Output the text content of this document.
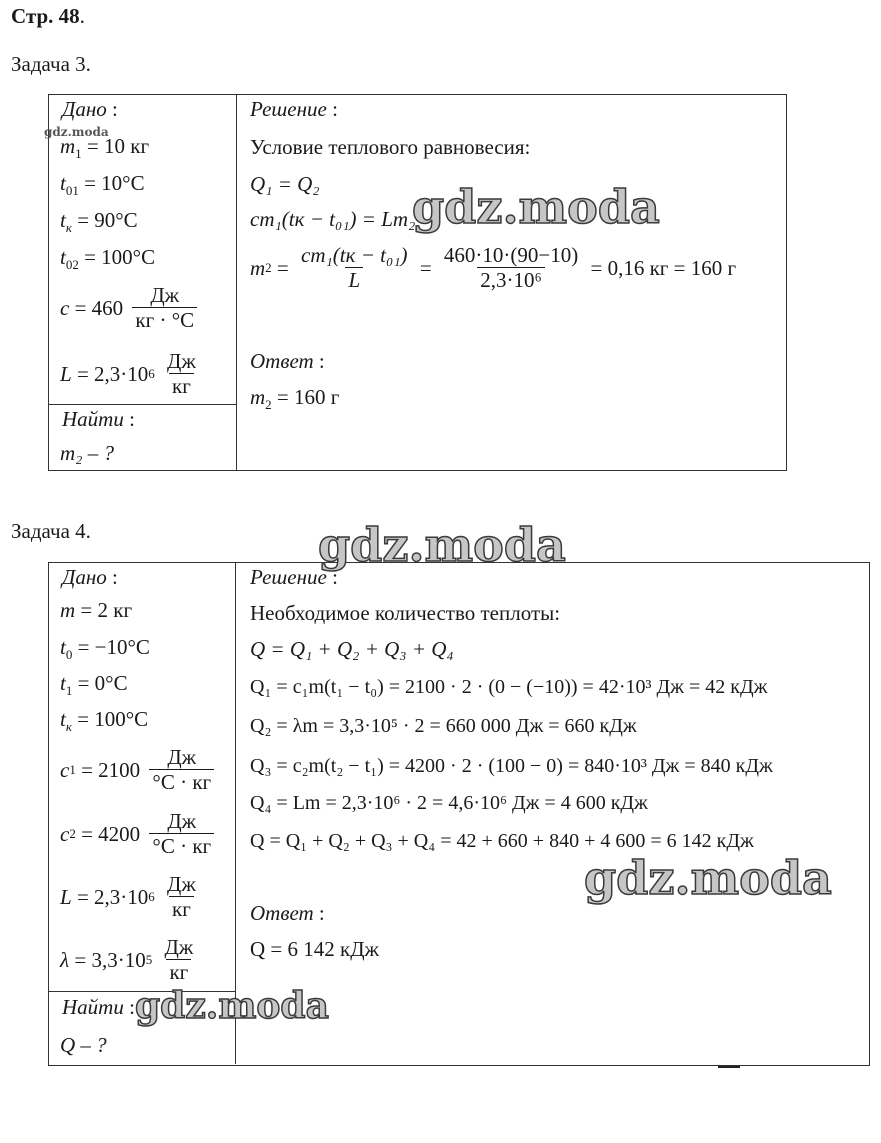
Стр. 48.
Задача 3.
Дано :
$m_1 = 10$ кг
$t_{01} = 10^\circ C$
$t_к = 90^\circ C$
$t_{02} = 100^\circ C$
c
= 460
$\frac{Дж}{кг \cdot ^\circ C}$
L
= 2,3·10 6
$\frac{Дж}{кг}$
Найти :
m₂ – ?
Решение :
Условие теплового равновесия:
Q₁ = Q₂
cm₁(tк − t₀₁) = Lm₂
m $2 = \frac{\text{cm₁(tк − t₀₁)}}{L} = \frac{460\cdot 10\cdot(90-10)}{\text{2,3·10⁶}}$
= 0,16 кг = 160 г
Ответ :
$m_2 = 160$ г
Задача 4.
Дано :
m = 2 кг
$t_0 = -10^\circ C$
$t_1 = 0^\circ C$
$t_к = 100^\circ C$
c 1
= 2100
$\frac{Дж}{^\circ C \cdot кг}$
c 2
= 4200
$\frac{Дж}{^\circ C \cdot кг}$
L
= 2,3·10 6
$\frac{Дж}{кг}$
λ
= 3,3·10 5
$\frac{Дж}{кг}$
Найти :
Q – ?
Решение :
Необходимое количество теплоты:
Q = Q₁ + Q₂ + Q₃ + Q₄
Q₁ = c₁m(t₁ − t₀) = 2100 · 2 · (0 − (−10)) = 42·10³ Дж = 42 кДж
Q₂ = λm = 3,3·10⁵ · 2 = 660 000 Дж = 660 кДж
Q₃ = c₂m(t₂ − t₁) = 4200 · 2 · (100 − 0) = 840·10³ Дж = 840 кДж
Q₄ = Lm = 2,3·10⁶ · 2 = 4,6·10⁶ Дж = 4 600 кДж
Q = Q₁ + Q₂ + Q₃ + Q₄ = 42 + 660 + 840 + 4 600 = 6 142 кДж
Ответ :
Q = 6 142 кДж
gdz.moda
gdz.moda
gdz.moda
gdz.moda
gdz.moda
